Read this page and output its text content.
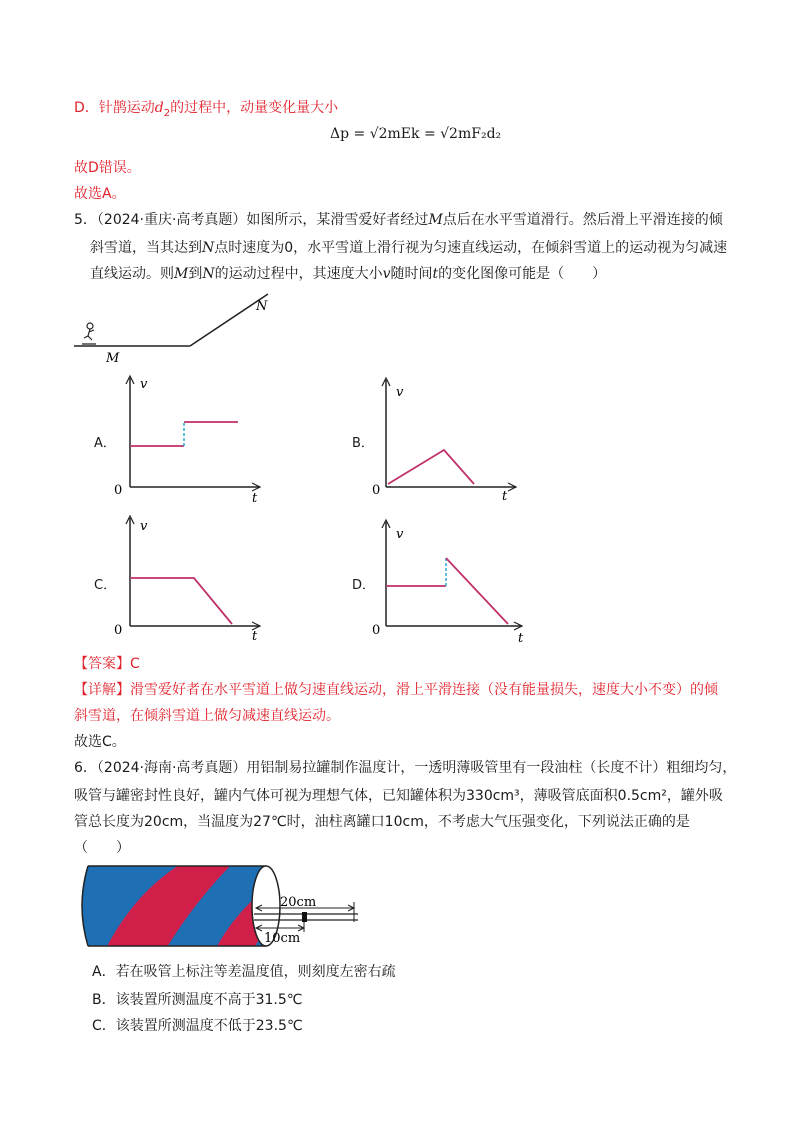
D．针鹊运动$d_2$的过程中，动量变化量大小
Δp = √2mEk = √2mF₂d₂
故D错误。
故选A。
5．（2024·重庆·高考真题）如图所示，某滑雪爱好者经过M点后在水平雪道滑行。然后滑上平滑连接的倾
斜雪道，当其达到N点时速度为0，水平雪道上滑行视为匀速直线运动，在倾斜雪道上的运动视为匀减速
直线运动。则M到N的运动过程中，其速度大小v随时间t的变化图像可能是（　　）
N
M
A．
v
t
0
B．
v
t
0
C．
v
t
0
D．
v
t
0
【答案】C
【详解】滑雪爱好者在水平雪道上做匀速直线运动，滑上平滑连接（没有能量损失，速度大小不变）的倾
斜雪道，在倾斜雪道上做匀减速直线运动。
故选C。
6．（2024·海南·高考真题）用铝制易拉罐制作温度计，一透明薄吸管里有一段油柱（长度不计）粗细均匀，
吸管与罐密封性良好，罐内气体可视为理想气体，已知罐体积为330cm³，薄吸管底面积0.5cm²，罐外吸
管总长度为20cm，当温度为27℃时，油柱离罐口10cm，不考虑大气压强变化，下列说法正确的是
（　　）
20cm
10cm
A．若在吸管上标注等差温度值，则刻度左密右疏
B．该装置所测温度不高于31.5℃
C．该装置所测温度不低于23.5℃
